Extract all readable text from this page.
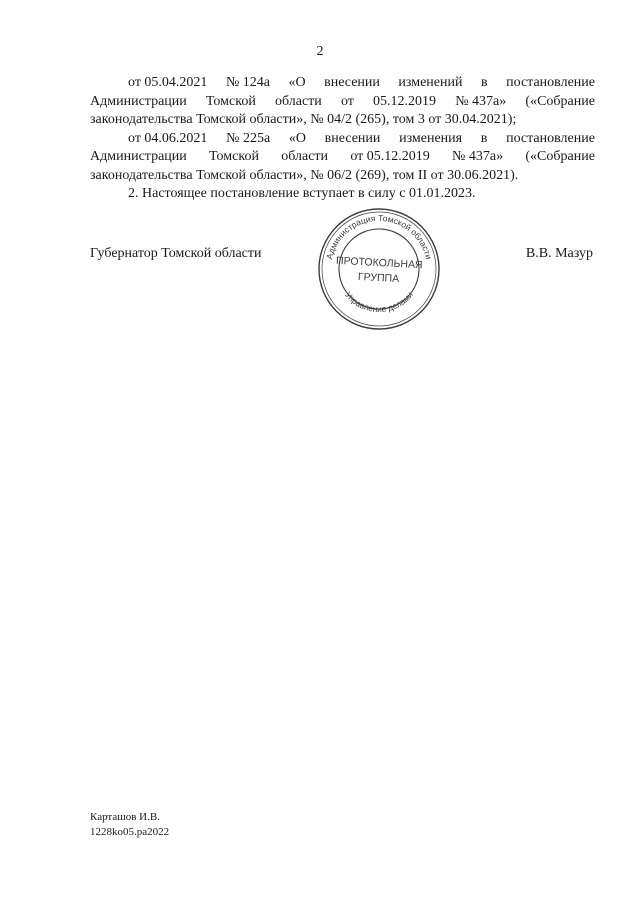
2
от 05.04.2021 № 124а «О внесении изменений в постановление
Администрации Томской области от 05.12.2019 № 437а» («Собрание
законодательства Томской области», № 04/2 (265), том 3 от 30.04.2021);
от 04.06.2021 № 225а «О внесении изменения в постановление
Администрации Томской области от 05.12.2019 № 437а» («Собрание
законодательства Томской области», № 06/2 (269), том II от 30.06.2021).
2. Настоящее постановление вступает в силу с 01.01.2023.
Губернатор Томской области	В.В. Мазур
Администрация Томской области
Управление делами
ПРОТОКОЛЬНАЯ
ГРУППА
Карташов И.В.
1228ko05.pa2022
